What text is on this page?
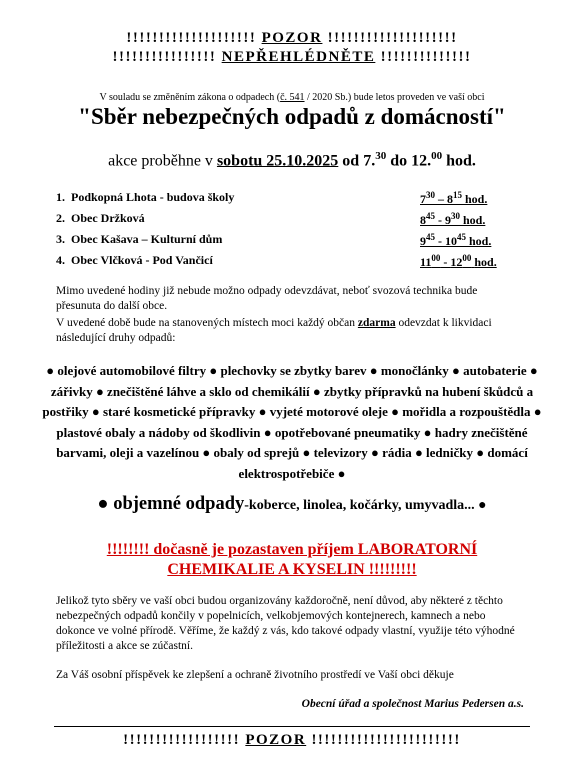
!!!!!!!!!!!!!!!!!!!! POZOR !!!!!!!!!!!!!!!!!!!!
!!!!!!!!!!!!!!!! NEPŘEHLÉDNĚTE !!!!!!!!!!!!!!
V souladu se změněním zákona o odpadech (č. 541 / 2020 Sb.) bude letos proveden ve vaší obci
"Sběr nebezpečných odpadů z domácností"
akce proběhne v sobotu 25.10.2025 od 7.30 do 12.00 hod.
1. Podkopná Lhota - budova školy	$7^{30} - 8^{15}$ hod.
2. Obec Držková	$8^{45} - 9^{30}$ hod.
3. Obec Kašava – Kulturní dům	$9^{45} - 10^{45}$ hod.
4. Obec Vlčková - Pod Vančicí	$11^{00} - 12^{00}$ hod.
Mimo uvedené hodiny již nebude možno odpady odevzdávat, neboť svozová technika bude přesunuta do další obce.
V uvedené době bude na stanovených místech moci každý občan zdarma odevzdat k likvidaci následující druhy odpadů:
● olejové automobilové filtry ● plechovky se zbytky barev ● monočlánky ● autobaterie ● zářivky ● znečištěné láhve a sklo od chemikálií ● zbytky přípravků na hubení škůdců a postřiky ● staré kosmetické přípravky ● vyjeté motorové oleje ● mořidla a rozpouštědla ● plastové obaly a nádoby od škodlivin ● opotřebované pneumatiky ● hadry znečištěné barvami, oleji a vazelínou ● obaly od sprejů ● televizory ● rádia ● ledničky ● domácí elektrospotřebiče ●
● objemné odpady-koberce, linolea, kočárky, umyvadla... ●
!!!!!!!! dočasně je pozastaven příjem LABORATORNÍ
CHEMIKALIE A KYSELIN !!!!!!!!!
Jelikož tyto sběry ve vaší obci budou organizovány každoročně, není důvod, aby některé z těchto nebezpečných odpadů končily v popelnicích, velkobjemových kontejnerech, kamnech a nebo dokonce ve volné přírodě. Věříme, že každý z vás, kdo takové odpady vlastní, využije této výhodné příležitosti a akce se zúčastní.
Za Váš osobní příspěvek ke zlepšení a ochraně životního prostředí ve Vaší obci děkuje
Obecní úřad a společnost Marius Pedersen a.s.
!!!!!!!!!!!!!!!!!! POZOR !!!!!!!!!!!!!!!!!!!!!!!
